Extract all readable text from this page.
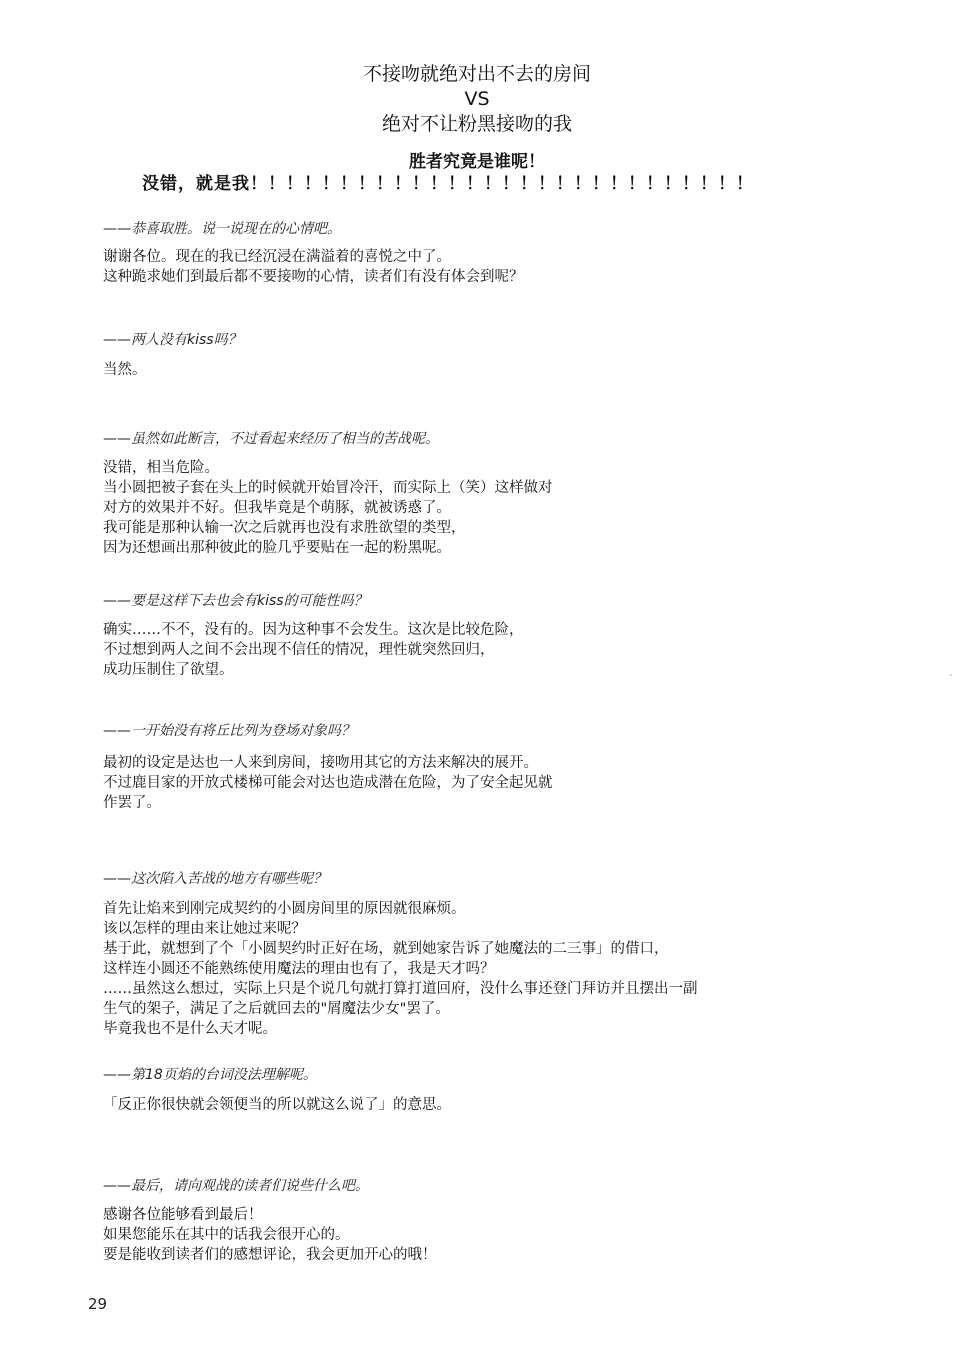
不接吻就绝对出不去的房间
VS
绝对不让粉黑接吻的我
胜者究竟是谁呢！
没错，就是我！！！！！！！！！！！！！！！！！！！！！！！！！！！！
——恭喜取胜。说一说现在的心情吧。
谢谢各位。现在的我已经沉浸在满溢着的喜悦之中了。
这种跪求她们到最后都不要接吻的心情，读者们有没有体会到呢？
——两人没有kiss吗？
当然。
——虽然如此断言，不过看起来经历了相当的苦战呢。
没错，相当危险。
当小圆把被子套在头上的时候就开始冒冷汗，而实际上（笑）这样做对
对方的效果并不好。但我毕竟是个萌豚，就被诱惑了。
我可能是那种认输一次之后就再也没有求胜欲望的类型，
因为还想画出那种彼此的脸几乎要贴在一起的粉黑呢。
——要是这样下去也会有kiss的可能性吗？
确实……不不，没有的。因为这种事不会发生。这次是比较危险，
不过想到两人之间不会出现不信任的情况，理性就突然回归，
成功压制住了欲望。
——一开始没有将丘比列为登场对象吗？
最初的设定是达也一人来到房间，接吻用其它的方法来解决的展开。
不过鹿目家的开放式楼梯可能会对达也造成潜在危险，为了安全起见就
作罢了。
——这次陷入苦战的地方有哪些呢？
首先让焰来到刚完成契约的小圆房间里的原因就很麻烦。
该以怎样的理由来让她过来呢？
基于此，就想到了个「小圆契约时正好在场，就到她家告诉了她魔法的二三事」的借口，
这样连小圆还不能熟练使用魔法的理由也有了，我是天才吗？
……虽然这么想过，实际上只是个说几句就打算打道回府，没什么事还登门拜访并且摆出一副
生气的架子，满足了之后就回去的"屑魔法少女"罢了。
毕竟我也不是什么天才呢。
——第18页焰的台词没法理解呢。
「反正你很快就会领便当的所以就这么说了」的意思。
——最后，请向观战的读者们说些什么吧。
感谢各位能够看到最后！
如果您能乐在其中的话我会很开心的。
要是能收到读者们的感想评论，我会更加开心的哦！
29
